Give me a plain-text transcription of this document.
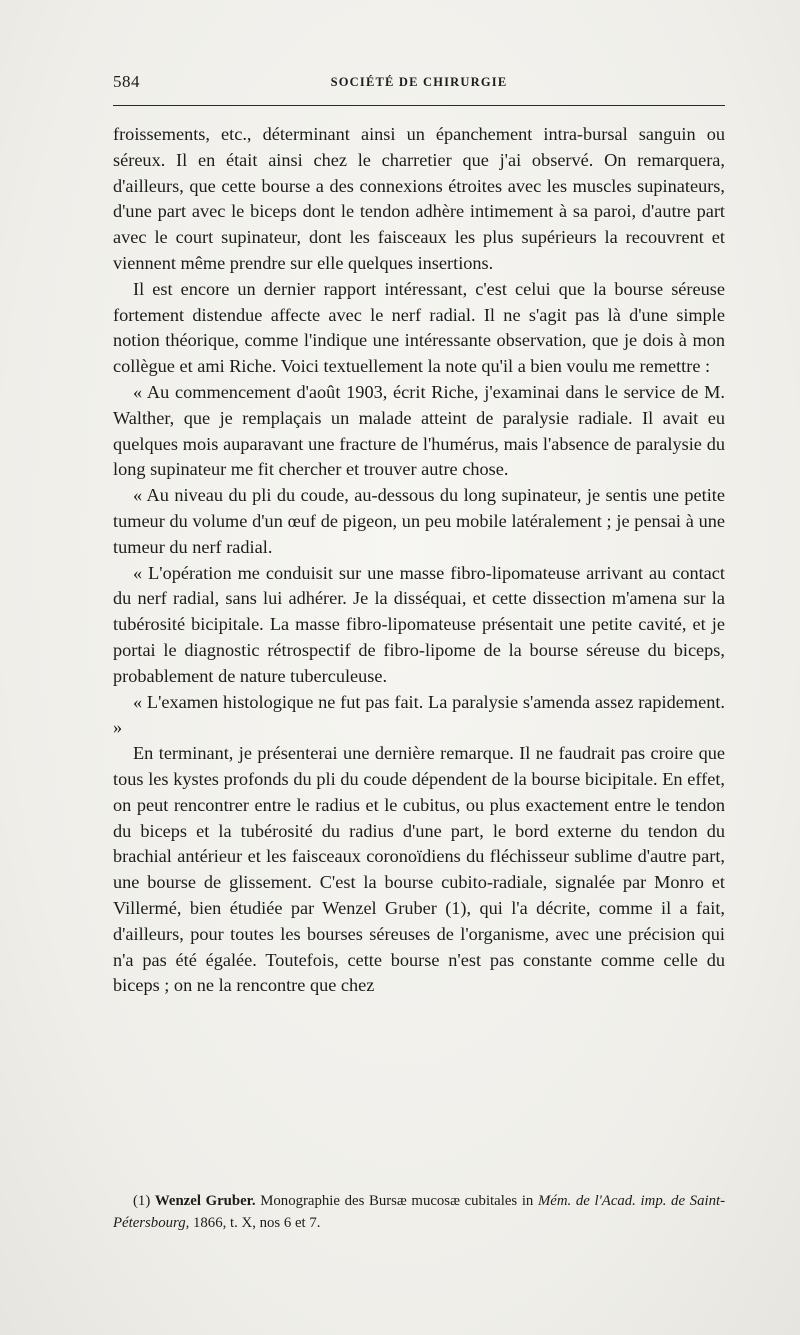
584	SOCIÉTÉ DE CHIRURGIE

froissements, etc., déterminant ainsi un épanchement intra-bursal sanguin ou séreux. Il en était ainsi chez le charretier que j'ai observé. On remarquera, d'ailleurs, que cette bourse a des connexions étroites avec les muscles supinateurs, d'une part avec le biceps dont le tendon adhère intimement à sa paroi, d'autre part avec le court supinateur, dont les faisceaux les plus supérieurs la recouvrent et viennent même prendre sur elle quelques insertions.

Il est encore un dernier rapport intéressant, c'est celui que la bourse séreuse fortement distendue affecte avec le nerf radial. Il ne s'agit pas là d'une simple notion théorique, comme l'indique une intéressante observation, que je dois à mon collègue et ami Riche. Voici textuellement la note qu'il a bien voulu me remettre :

« Au commencement d'août 1903, écrit Riche, j'examinai dans le service de M. Walther, que je remplaçais un malade atteint de paralysie radiale. Il avait eu quelques mois auparavant une fracture de l'humérus, mais l'absence de paralysie du long supinateur me fit chercher et trouver autre chose.

« Au niveau du pli du coude, au-dessous du long supinateur, je sentis une petite tumeur du volume d'un œuf de pigeon, un peu mobile latéralement ; je pensai à une tumeur du nerf radial.

« L'opération me conduisit sur une masse fibro-lipomateuse arrivant au contact du nerf radial, sans lui adhérer. Je la disséquai, et cette dissection m'amena sur la tubérosité bicipitale. La masse fibro-lipomateuse présentait une petite cavité, et je portai le diagnostic rétrospectif de fibro-lipome de la bourse séreuse du biceps, probablement de nature tuberculeuse.

« L'examen histologique ne fut pas fait. La paralysie s'amenda assez rapidement. »

En terminant, je présenterai une dernière remarque. Il ne faudrait pas croire que tous les kystes profonds du pli du coude dépendent de la bourse bicipitale. En effet, on peut rencontrer entre le radius et le cubitus, ou plus exactement entre le tendon du biceps et la tubérosité du radius d'une part, le bord externe du tendon du brachial antérieur et les faisceaux coronoïdiens du fléchisseur sublime d'autre part, une bourse de glissement. C'est la bourse cubito-radiale, signalée par Monro et Villermé, bien étudiée par Wenzel Gruber (1), qui l'a décrite, comme il a fait, d'ailleurs, pour toutes les bourses séreuses de l'organisme, avec une précision qui n'a pas été égalée. Toutefois, cette bourse n'est pas constante comme celle du biceps ; on ne la rencontre que chez

(1) Wenzel Gruber. Monographie des Bursæ mucosæ cubitales in Mém. de l'Acad. imp. de Saint-Pétersbourg, 1866, t. X, nos 6 et 7.
